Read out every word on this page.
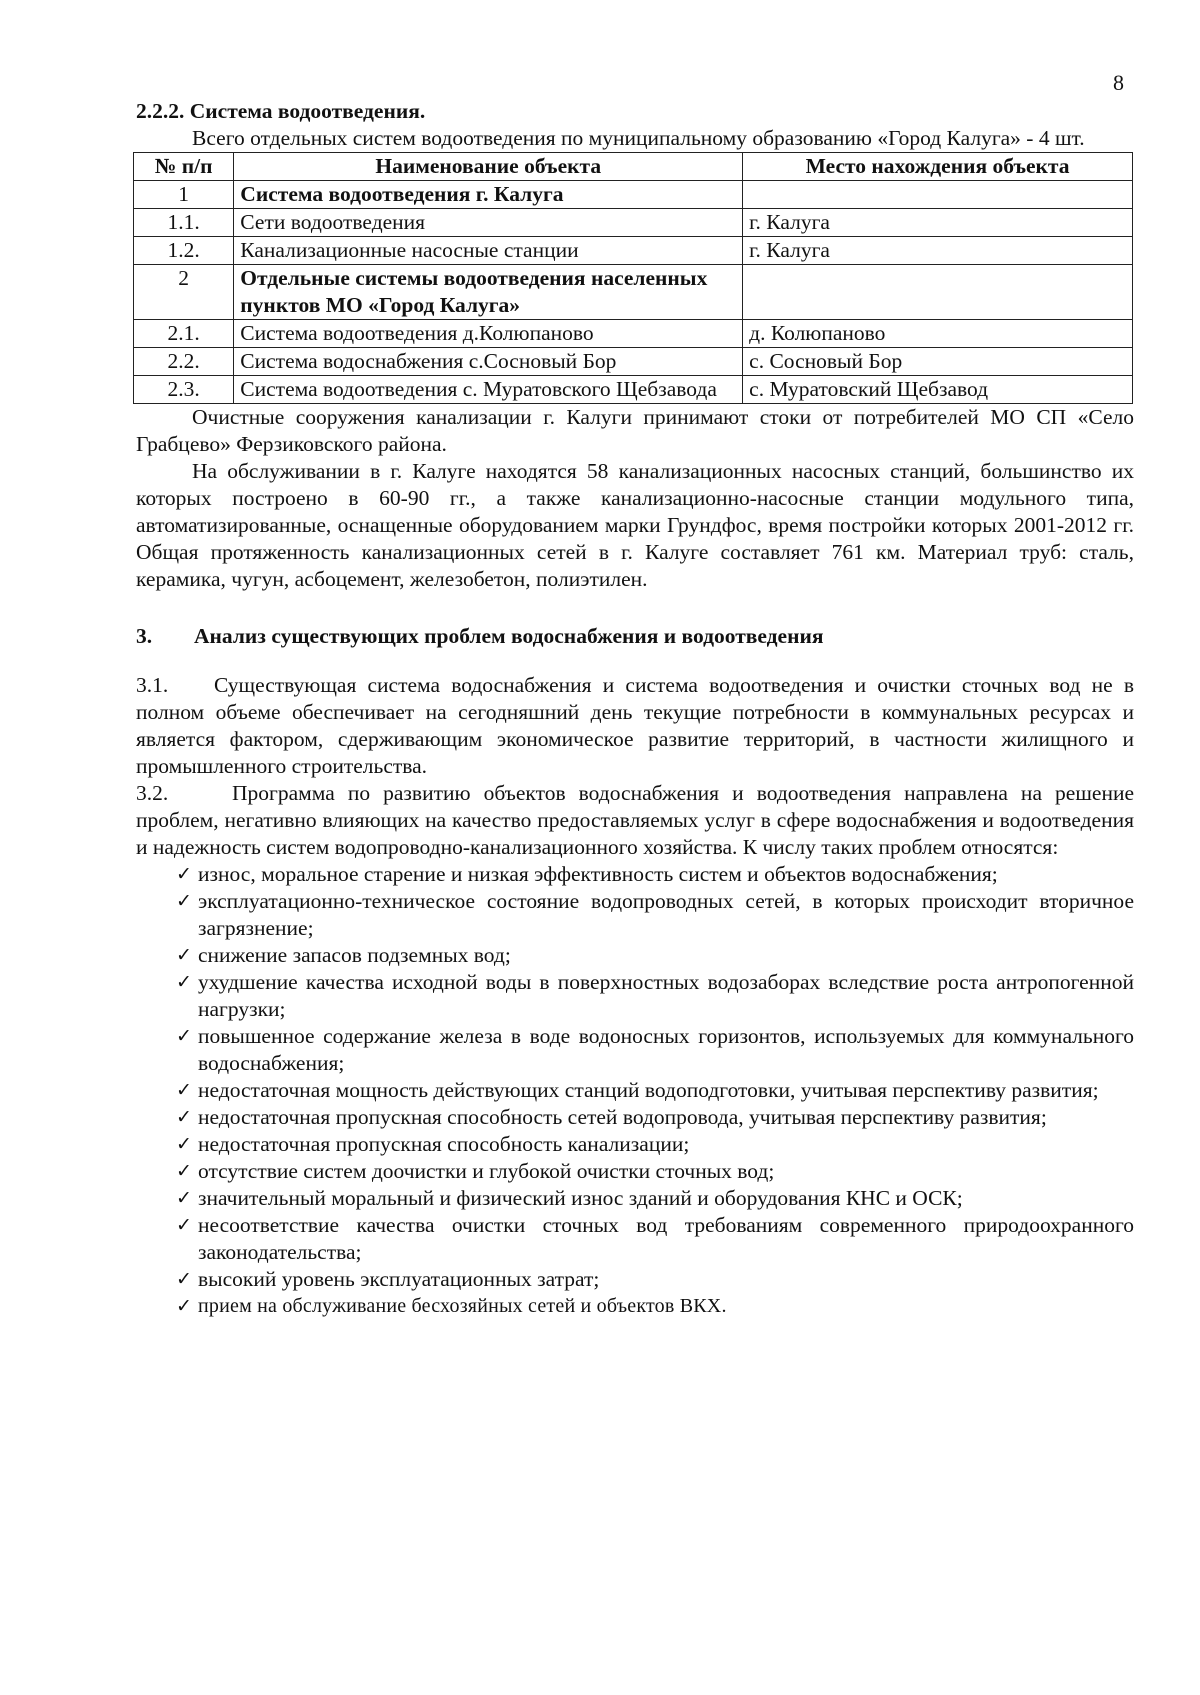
8
2.2.2. Система водоотведения.

Всего отдельных систем водоотведения по муниципальному образованию «Город Калуга» - 4 шт.

№ п/п	Наименование объекта	Место нахождения объекта
1	Система водоотведения г. Калуга	
1.1.	Сети водоотведения	г. Калуга
1.2.	Канализационные насосные станции	г. Калуга
2	Отдельные системы водоотведения населенных пунктов МО «Город Калуга»	
2.1.	Система водоотведения д.Колюпаново	д. Колюпаново
2.2.	Система водоснабжения с.Сосновый Бор	с. Сосновый Бор
2.3.	Система водоотведения с. Муратовского Щебзавода	с. Муратовский Щебзавод

Очистные сооружения канализации г. Калуги принимают стоки от потребителей МО СП «Село Грабцево» Ферзиковского района.

На обслуживании в г. Калуге находятся 58 канализационных насосных станций, большинство их которых построено в 60-90 гг., а также канализационно-насосные станции модульного типа, автоматизированные, оснащенные оборудованием марки Грундфос, время постройки которых 2001-2012 гг. Общая протяженность канализационных сетей в г. Калуге составляет 761 км. Материал труб: сталь, керамика, чугун, асбоцемент, железобетон, полиэтилен.

3.	Анализ существующих проблем водоснабжения и водоотведения

3.1. Существующая система водоснабжения и система водоотведения и очистки сточных вод не в полном объеме обеспечивает на сегодняшний день текущие потребности в коммунальных ресурсах и является фактором, сдерживающим экономическое развитие территорий, в частности жилищного и промышленного строительства.

3.2.	Программа по развитию объектов водоснабжения и водоотведения направлена на решение проблем, негативно влияющих на качество предоставляемых услуг в сфере водоснабжения и водоотведения и надежность систем водопроводно-канализационного хозяйства. К числу таких проблем относятся:

✓ износ, моральное старение и низкая эффективность систем и объектов водоснабжения;
✓ эксплуатационно-техническое состояние водопроводных сетей, в которых происходит вторичное загрязнение;
✓ снижение запасов подземных вод;
✓ ухудшение качества исходной воды в поверхностных водозаборах вследствие роста антропогенной нагрузки;
✓ повышенное содержание железа в воде водоносных горизонтов, используемых для коммунального водоснабжения;
✓ недостаточная мощность действующих станций водоподготовки, учитывая перспективу развития;
✓ недостаточная пропускная способность сетей водопровода, учитывая перспективу развития;
✓ недостаточная пропускная способность канализации;
✓ отсутствие систем доочистки и глубокой очистки сточных вод;
✓ значительный моральный и физический износ зданий и оборудования КНС и ОСК;
✓ несоответствие качества очистки сточных вод требованиям современного природоохранного законодательства;
✓ высокий уровень эксплуатационных затрат;
✓ прием на обслуживание бесхозяйных сетей и объектов ВКХ.
